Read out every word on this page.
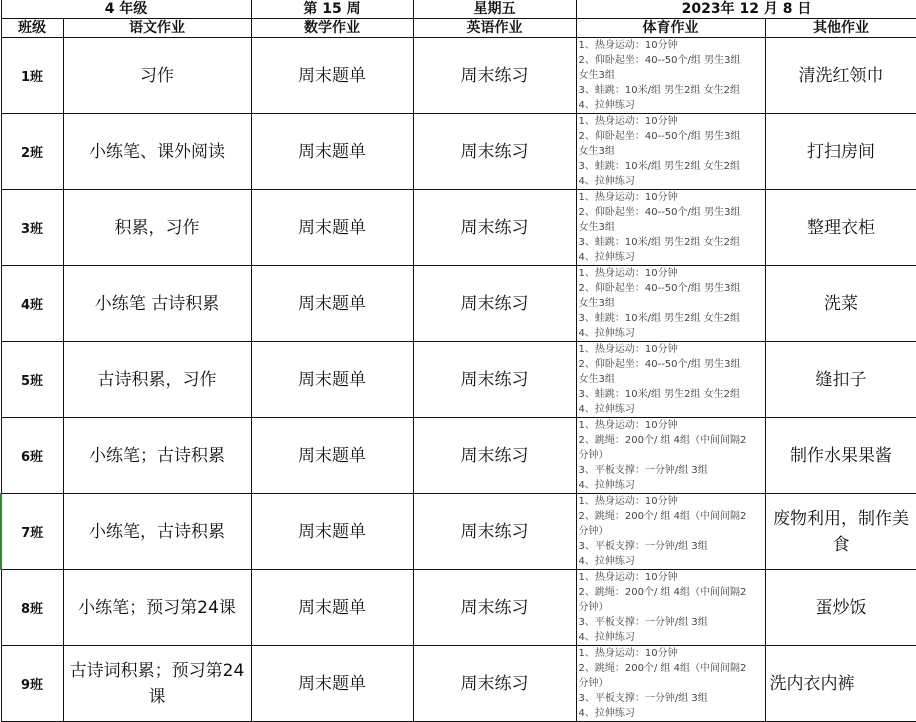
4 年级		第 15 周	星期五	2023年 12 月 8 日	
班级	语文作业	数学作业	英语作业	体育作业	其他作业
1班	习作	周末题单	周末练习	1、热身运动：10分钟
2、仰卧起坐：40--50个/组 男生3组
女生3组
3、蛙跳：10米/组 男生2组 女生2组
4、拉伸练习	清洗红领巾
2班	小练笔、课外阅读	周末题单	周末练习	1、热身运动：10分钟
2、仰卧起坐：40--50个/组 男生3组
女生3组
3、蛙跳：10米/组 男生2组 女生2组
4、拉伸练习	打扫房间
3班	积累，习作	周末题单	周末练习	1、热身运动：10分钟
2、仰卧起坐：40--50个/组 男生3组
女生3组
3、蛙跳：10米/组 男生2组 女生2组
4、拉伸练习	整理衣柜
4班	小练笔 古诗积累	周末题单	周末练习	1、热身运动：10分钟
2、仰卧起坐：40--50个/组 男生3组
女生3组
3、蛙跳：10米/组 男生2组 女生2组
4、拉伸练习	洗菜
5班	古诗积累，习作	周末题单	周末练习	1、热身运动：10分钟
2、仰卧起坐：40--50个/组 男生3组
女生3组
3、蛙跳：10米/组 男生2组 女生2组
4、拉伸练习	缝扣子
6班	小练笔；古诗积累	周末题单	周末练习	1、热身运动：10分钟
2、跳绳：200个/ 组 4组（中间间隔2
分钟）
3、平板支撑：一分钟/组 3组
4、拉伸练习	制作水果果酱
7班	小练笔，古诗积累	周末题单	周末练习	1、热身运动：10分钟
2、跳绳：200个/ 组 4组（中间间隔2
分钟）
3、平板支撑：一分钟/组 3组
4、拉伸练习	废物利用，制作美食
8班	小练笔；预习第24课	周末题单	周末练习	1、热身运动：10分钟
2、跳绳：200个/ 组 4组（中间间隔2
分钟）
3、平板支撑：一分钟/组 3组
4、拉伸练习	蛋炒饭
9班	古诗词积累；预习第24课	周末题单	周末练习	1、热身运动：10分钟
2、跳绳：200个/ 组 4组（中间间隔2
分钟）
3、平板支撑：一分钟/组 3组
4、拉伸练习	洗内衣内裤
